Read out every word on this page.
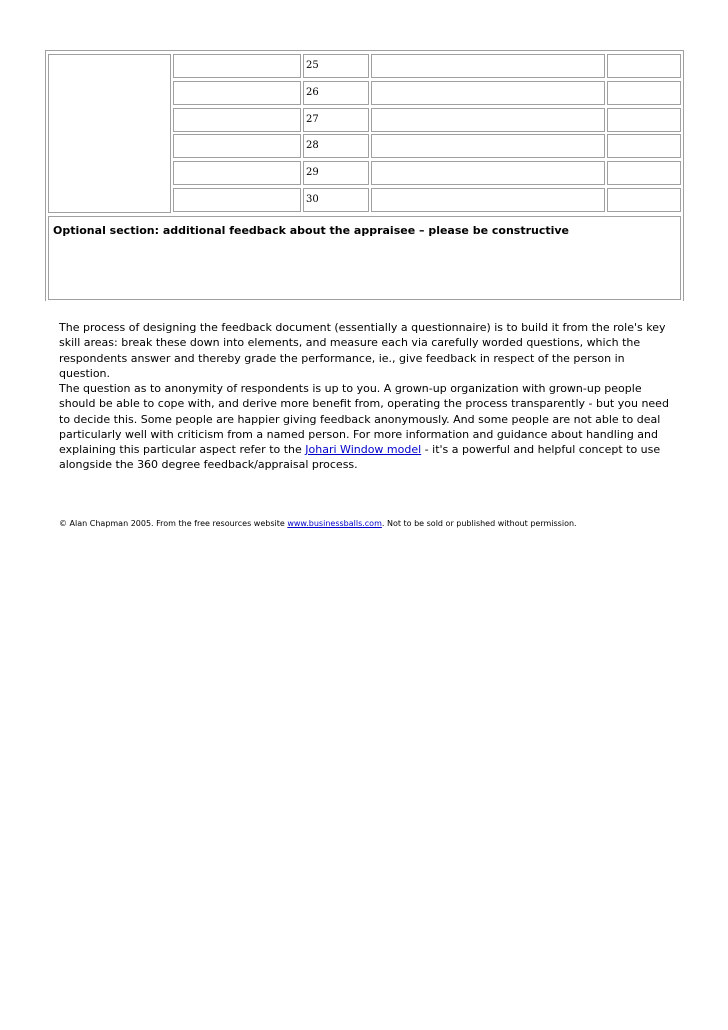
25
26
27
28
29
30
Optional section: additional feedback about the appraisee – please be constructive

The process of designing the feedback document (essentially a questionnaire) is to build it from the role's key skill areas: break these down into elements, and measure each via carefully worded questions, which the respondents answer and thereby grade the performance, ie., give feedback in respect of the person in question.

The question as to anonymity of respondents is up to you. A grown-up organization with grown-up people should be able to cope with, and derive more benefit from, operating the process transparently - but you need to decide this. Some people are happier giving feedback anonymously. And some people are not able to deal particularly well with criticism from a named person. For more information and guidance about handling and explaining this particular aspect refer to the Johari Window model - it's a powerful and helpful concept to use alongside the 360 degree feedback/appraisal process.

© Alan Chapman 2005. From the free resources website www.businessballs.com. Not to be sold or published without permission.
